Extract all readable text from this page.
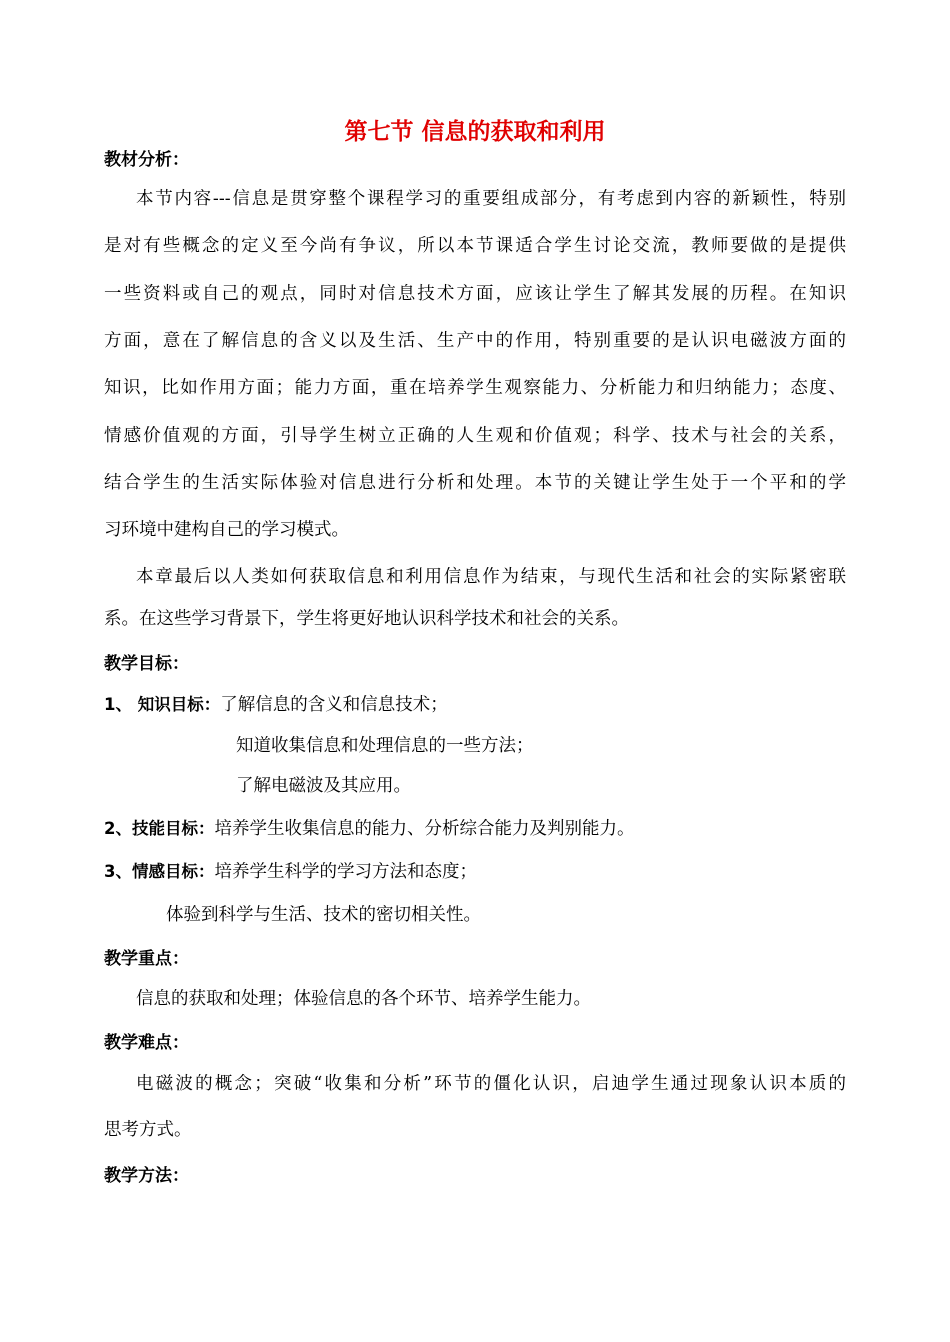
第七节 信息的获取和利用
教材分析：
本节内容---信息是贯穿整个课程学习的重要组成部分，有考虑到内容的新颖性，特别
是对有些概念的定义至今尚有争议，所以本节课适合学生讨论交流，教师要做的是提供
一些资料或自己的观点，同时对信息技术方面，应该让学生了解其发展的历程。在知识
方面，意在了解信息的含义以及生活、生产中的作用，特别重要的是认识电磁波方面的
知识，比如作用方面；能力方面，重在培养学生观察能力、分析能力和归纳能力；态度、
情感价值观的方面，引导学生树立正确的人生观和价值观；科学、技术与社会的关系，
结合学生的生活实际体验对信息进行分析和处理。本节的关键让学生处于一个平和的学
习环境中建构自己的学习模式。
本章最后以人类如何获取信息和利用信息作为结束，与现代生活和社会的实际紧密联
系。在这些学习背景下，学生将更好地认识科学技术和社会的关系。
教学目标：
1、 知识目标：了解信息的含义和信息技术；
知道收集信息和处理信息的一些方法；
了解电磁波及其应用。
2、技能目标：培养学生收集信息的能力、分析综合能力及判别能力。
3、情感目标：培养学生科学的学习方法和态度；
体验到科学与生活、技术的密切相关性。
教学重点：
信息的获取和处理；体验信息的各个环节、培养学生能力。
教学难点：
电磁波的概念；突破“收集和分析”环节的僵化认识，启迪学生通过现象认识本质的
思考方式。
教学方法：
